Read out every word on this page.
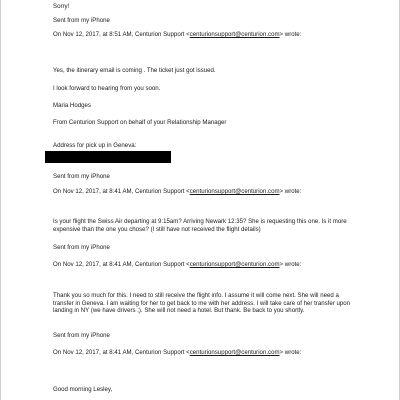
Sorry!

Sent from my iPhone

On Nov 12, 2017, at 8:51 AM, Centurion Support <centurionsupport@centurion.com> wrote:

Yes, the itinerary email is coming . The ticket just got issued.

I look forward to hearing from you soon.

Maria Hodges

From Centurion Support on behalf of your Relationship Manager

Address for pick up in Geneva:

Sent from my iPhone

On Nov 12, 2017, at 8:41 AM, Centurion Support <centurionsupport@centurion.com> wrote:

Is your flight the Swiss Air departing at 9:15am? Arriving Newark 12:35? She is requesting this one. Is it more expensive than the one you chose? (I still have not received the flight details)

Sent from my iPhone

On Nov 12, 2017, at 8:41 AM, Centurion Support <centurionsupport@centurion.com> wrote:

Thank you so much for this. I need to still receive the flight info. I assume it will come next. She will need a transfer in Geneva. I am waiting for her to get back to me with her address. I will take care of her transfer upon landing in NY (we have drivers ;). She will not need a hotel. But thank. Be back to you shortly.

Sent from my iPhone

On Nov 12, 2017, at 8:41 AM, Centurion Support <centurionsupport@centurion.com> wrote:

Good morning Lesley,
